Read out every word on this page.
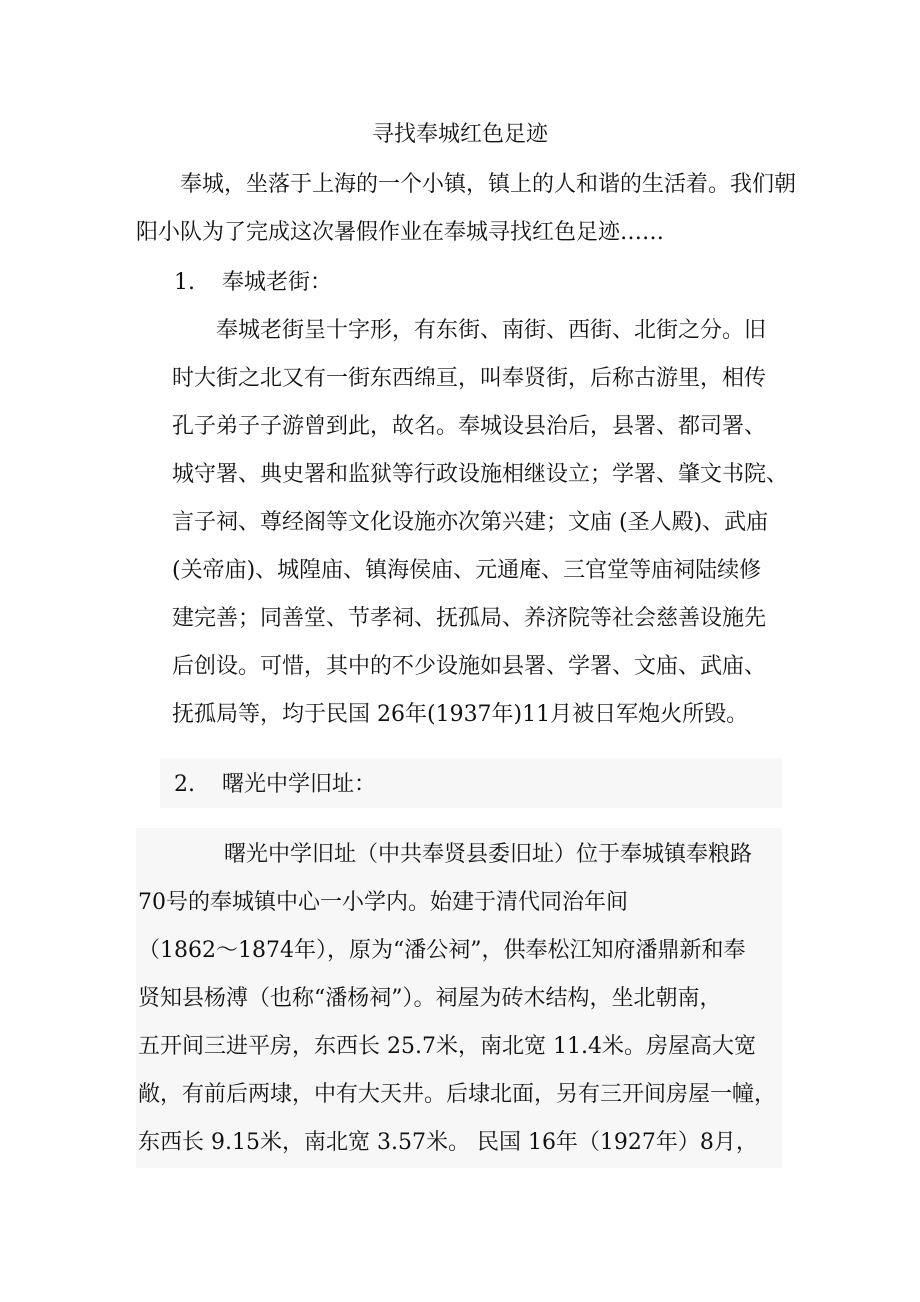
寻找奉城红色足迹
奉城，坐落于上海的一个小镇，镇上的人和谐的生活着。我们朝
阳小队为了完成这次暑假作业在奉城寻找红色足迹……
1. 奉城老街：
奉城老街呈十字形，有东街、南街、西街、北街之分。旧
时大街之北又有一街东西绵亘，叫奉贤街，后称古游里，相传
孔子弟子子游曾到此，故名。奉城设县治后，县署、都司署、
城守署、典史署和监狱等行政设施相继设立；学署、肇文书院、
言子祠、尊经阁等文化设施亦次第兴建；文庙 (圣人殿)、武庙
(关帝庙)、城隍庙、镇海侯庙、元通庵、三官堂等庙祠陆续修
建完善；同善堂、节孝祠、抚孤局、养济院等社会慈善设施先
后创设。可惜，其中的不少设施如县署、学署、文庙、武庙、
抚孤局等，均于民国 26年(1937年)11月被日军炮火所毁。
2. 曙光中学旧址：
曙光中学旧址（中共奉贤县委旧址）位于奉城镇奉粮路
70号的奉城镇中心一小学内。始建于清代同治年间
（1862～1874年），原为“潘公祠”，供奉松江知府潘鼎新和奉
贤知县杨溥（也称“潘杨祠”）。祠屋为砖木结构，坐北朝南，
五开间三进平房，东西长 25.7米，南北宽 11.4米。房屋高大宽
敞，有前后两埭，中有大天井。后埭北面，另有三开间房屋一幢，
东西长 9.15米，南北宽 3.57米。 民国 16年（1927年）8月，
